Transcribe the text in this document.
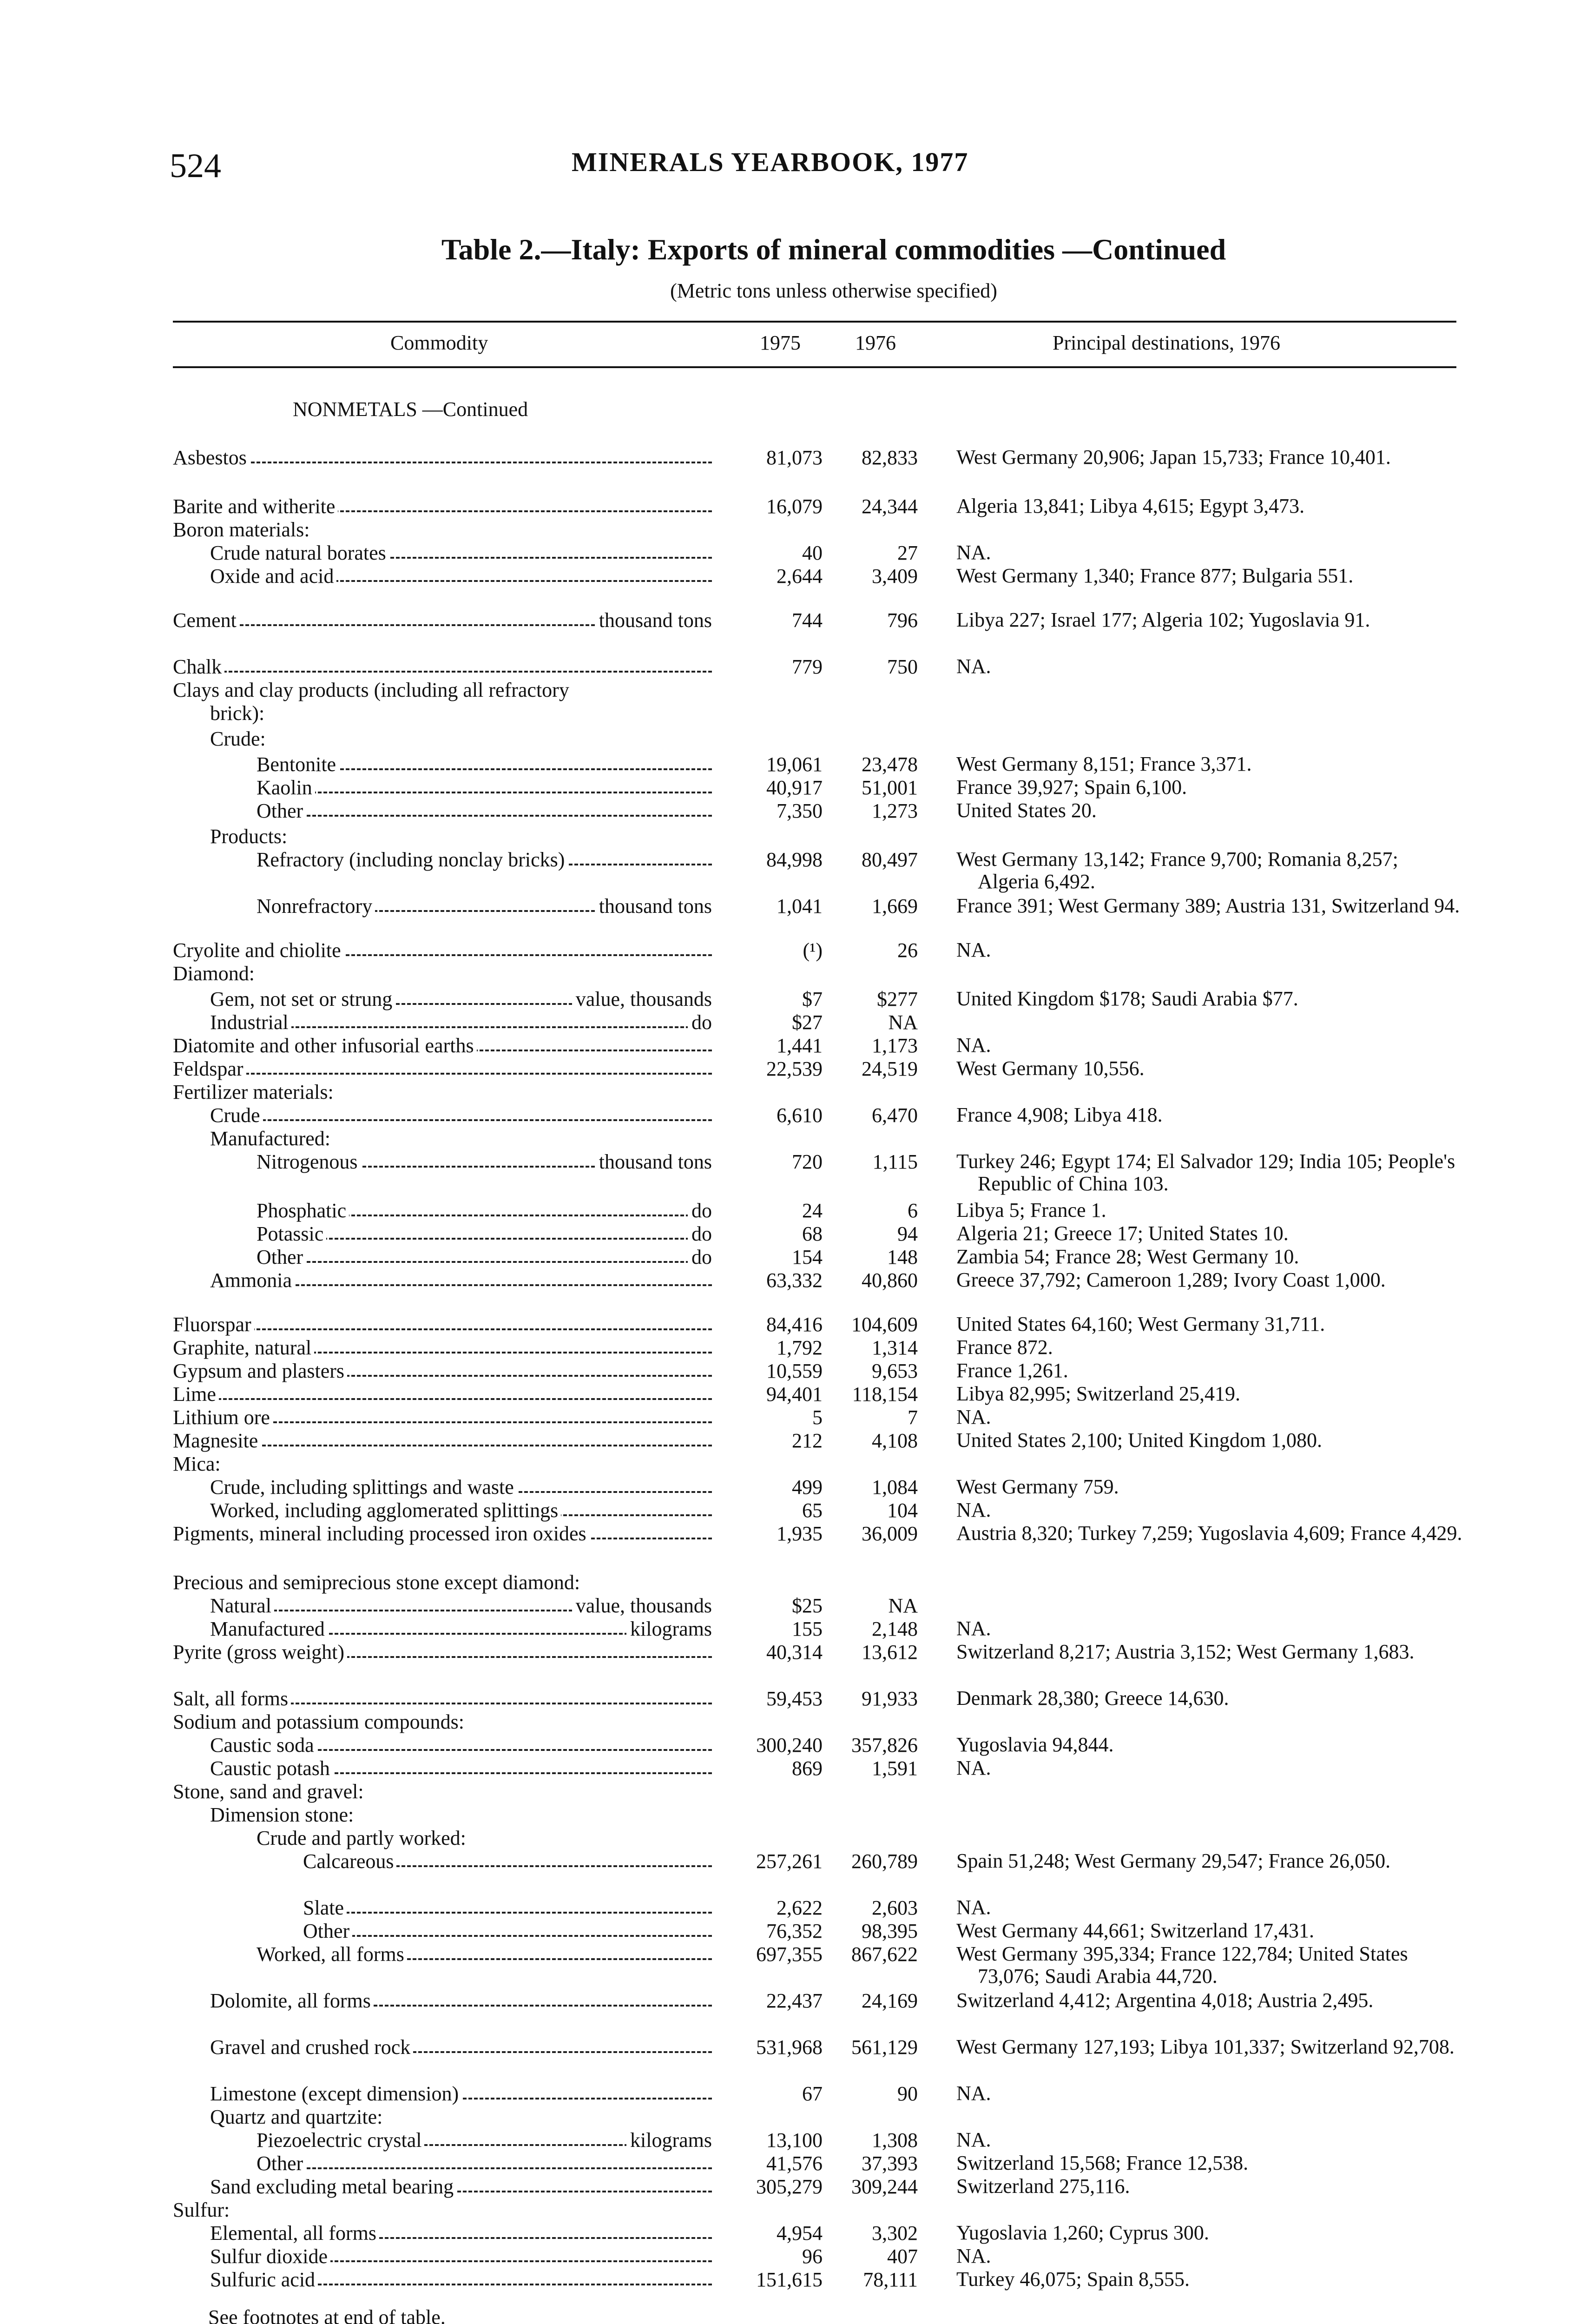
524	MINERALS YEARBOOK, 1977
Table 2.—Italy: Exports of mineral commodities —Continued
(Metric tons unless otherwise specified)
Commodity	1975	1976	Principal destinations, 1976
NONMETALS —Continued
Asbestos	81,073	82,833 West Germany 20,906; Japan 15,733; France 10,401.
Barite and witherite	16,079	24,344 Algeria 13,841; Libya 4,615; Egypt 3,473.
Boron materials:
Crude natural borates	40	27 NA.
Oxide and acid	2,644	3,409 West Germany 1,340; France 877; Bulgaria 551.
Cement	thousand tons	744	796 Libya 227; Israel 177; Algeria 102; Yugoslavia 91.
Chalk	779	750 NA.
Clays and clay products (including all refractory
brick):
Crude:
Bentonite	19,061	23,478 West Germany 8,151; France 3,371.
Kaolin	40,917	51,001 France 39,927; Spain 6,100.
Other	7,350	1,273 United States 20.
Products:
Refractory (including nonclay bricks)	84,998	80,497 West Germany 13,142; France 9,700; Romania 8,257; Algeria 6,492.
Nonrefractory	thousand tons	1,041	1,669 France 391; West Germany 389; Austria 131, Switzerland 94.
Cryolite and chiolite	(¹)	26 NA.
Diamond:
Gem, not set or strung	value, thousands	$7	$277 United Kingdom $178; Saudi Arabia $77.
Industrial	do	$27	NA
Diatomite and other infusorial earths	1,441	1,173 NA.
Feldspar	22,539	24,519 West Germany 10,556.
Fertilizer materials:
Crude	6,610	6,470 France 4,908; Libya 418.
Manufactured:
Nitrogenous	thousand tons	720	1,115 Turkey 246; Egypt 174; El Salvador 129; India 105; People's Republic of China 103.
Phosphatic	do	24	6 Libya 5; France 1.
Potassic	do	68	94 Algeria 21; Greece 17; United States 10.
Other	do	154	148 Zambia 54; France 28; West Germany 10.
Ammonia	63,332	40,860 Greece 37,792; Cameroon 1,289; Ivory Coast 1,000.
Fluorspar	84,416	104,609 United States 64,160; West Germany 31,711.
Graphite, natural	1,792	1,314 France 872.
Gypsum and plasters	10,559	9,653 France 1,261.
Lime	94,401	118,154 Libya 82,995; Switzerland 25,419.
Lithium ore	5	7 NA.
Magnesite	212	4,108 United States 2,100; United Kingdom 1,080.
Mica:
Crude, including splittings and waste	499	1,084 West Germany 759.
Worked, including agglomerated splittings	65	104 NA.
Pigments, mineral including processed iron oxides	1,935	36,009 Austria 8,320; Turkey 7,259; Yugoslavia 4,609; France 4,429.
Precious and semiprecious stone except diamond:
Natural	value, thousands	$25	NA
Manufactured	kilograms	155	2,148 NA.
Pyrite (gross weight)	40,314	13,612 Switzerland 8,217; Austria 3,152; West Germany 1,683.
Salt, all forms	59,453	91,933 Denmark 28,380; Greece 14,630.
Sodium and potassium compounds:
Caustic soda	300,240	357,826 Yugoslavia 94,844.
Caustic potash	869	1,591 NA.
Stone, sand and gravel:
Dimension stone:
Crude and partly worked:
Calcareous	257,261	260,789 Spain 51,248; West Germany 29,547; France 26,050.
Slate	2,622	2,603 NA.
Other	76,352	98,395 West Germany 44,661; Switzerland 17,431.
Worked, all forms	697,355	867,622 West Germany 395,334; France 122,784; United States 73,076; Saudi Arabia 44,720.
Dolomite, all forms	22,437	24,169 Switzerland 4,412; Argentina 4,018; Austria 2,495.
Gravel and crushed rock	531,968	561,129 West Germany 127,193; Libya 101,337; Switzerland 92,708.
Limestone (except dimension)	67	90 NA.
Quartz and quartzite:
Piezoelectric crystal	kilograms	13,100	1,308 NA.
Other	41,576	37,393 Switzerland 15,568; France 12,538.
Sand excluding metal bearing	305,279	309,244 Switzerland 275,116.
Sulfur:
Elemental, all forms	4,954	3,302 Yugoslavia 1,260; Cyprus 300.
Sulfur dioxide	96	407 NA.
Sulfuric acid	151,615	78,111 Turkey 46,075; Spain 8,555.
See footnotes at end of table.
